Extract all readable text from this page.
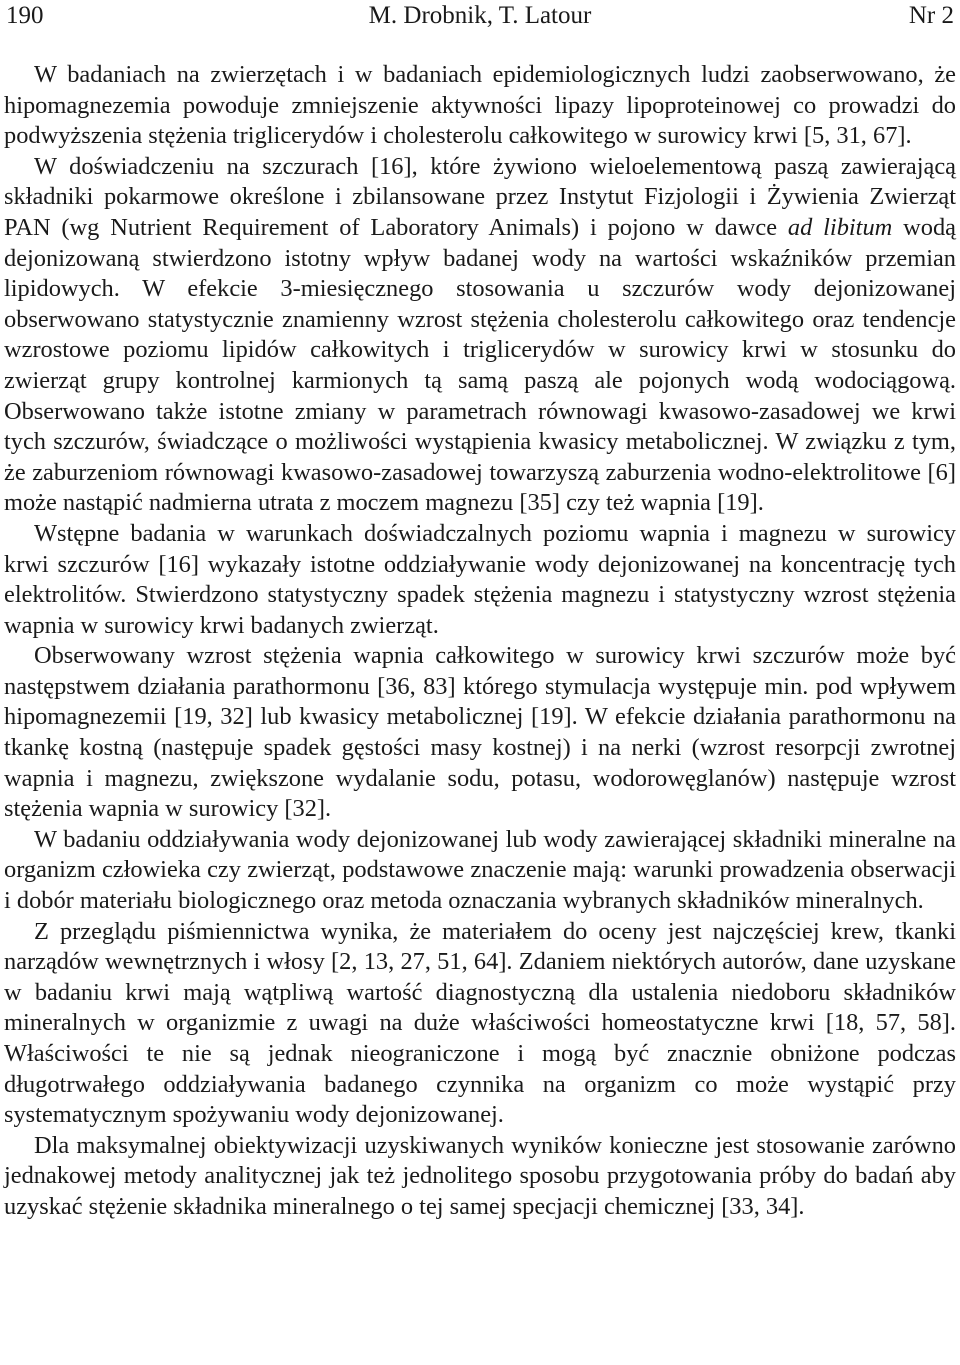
190	M. Drobnik, T. Latour	Nr 2

W badaniach na zwierzętach i w badaniach epidemiologicznych ludzi zaobserwowano, że hipomagnezemia powoduje zmniejszenie aktywności lipazy lipoproteinowej co prowadzi do podwyższenia stężenia triglicerydów i cholesterolu całkowitego w surowicy krwi [5, 31, 67].

W doświadczeniu na szczurach [16], które żywiono wieloelementową paszą zawierającą składniki pokarmowe określone i zbilansowane przez Instytut Fizjologii i Żywienia Zwierząt PAN (wg Nutrient Requirement of Laboratory Animals) i pojono w dawce ad libitum wodą dejonizowaną stwierdzono istotny wpływ badanej wody na wartości wskaźników przemian lipidowych. W efekcie 3-miesięcznego stosowania u szczurów wody dejonizowanej obserwowano statystycznie znamienny wzrost stężenia cholesterolu całkowitego oraz tendencje wzrostowe poziomu lipidów całkowitych i triglicerydów w surowicy krwi w stosunku do zwierząt grupy kontrolnej karmionych tą samą paszą ale pojonych wodą wodociągową. Obserwowano także istotne zmiany w parametrach równowagi kwasowo-zasadowej we krwi tych szczurów, świadczące o możliwości wystąpienia kwasicy metabolicznej. W związku z tym, że zaburzeniom równowagi kwasowo-zasadowej towarzyszą zaburzenia wodno-elektrolitowe [6] może nastąpić nadmierna utrata z moczem magnezu [35] czy też wapnia [19].

Wstępne badania w warunkach doświadczalnych poziomu wapnia i magnezu w surowicy krwi szczurów [16] wykazały istotne oddziaływanie wody dejonizowanej na koncentrację tych elektrolitów. Stwierdzono statystyczny spadek stężenia magnezu i statystyczny wzrost stężenia wapnia w surowicy krwi badanych zwierząt.

Obserwowany wzrost stężenia wapnia całkowitego w surowicy krwi szczurów może być następstwem działania parathormonu [36, 83] którego stymulacja występuje min. pod wpływem hipomagnezemii [19, 32] lub kwasicy metabolicznej [19]. W efekcie działania parathormonu na tkankę kostną (następuje spadek gęstości masy kostnej) i na nerki (wzrost resorpcji zwrotnej wapnia i magnezu, zwiększone wydalanie sodu, potasu, wodorowęglanów) następuje wzrost stężenia wapnia w surowicy [32].

W badaniu oddziaływania wody dejonizowanej lub wody zawierającej składniki mineralne na organizm człowieka czy zwierząt, podstawowe znaczenie mają: warunki prowadzenia obserwacji i dobór materiału biologicznego oraz metoda oznaczania wybranych składników mineralnych.

Z przeglądu piśmiennictwa wynika, że materiałem do oceny jest najczęściej krew, tkanki narządów wewnętrznych i włosy [2, 13, 27, 51, 64]. Zdaniem niektórych autorów, dane uzyskane w badaniu krwi mają wątpliwą wartość diagnostyczną dla ustalenia niedoboru składników mineralnych w organizmie z uwagi na duże właściwości homeostatyczne krwi [18, 57, 58]. Właściwości te nie są jednak nieograniczone i mogą być znacznie obniżone podczas długotrwałego oddziaływania badanego czynnika na organizm co może wystąpić przy systematycznym spożywaniu wody dejonizowanej.

Dla maksymalnej obiektywizacji uzyskiwanych wyników konieczne jest stosowanie zarówno jednakowej metody analitycznej jak też jednolitego sposobu przygotowania próby do badań aby uzyskać stężenie składnika mineralnego o tej samej specjacji chemicznej [33, 34].
